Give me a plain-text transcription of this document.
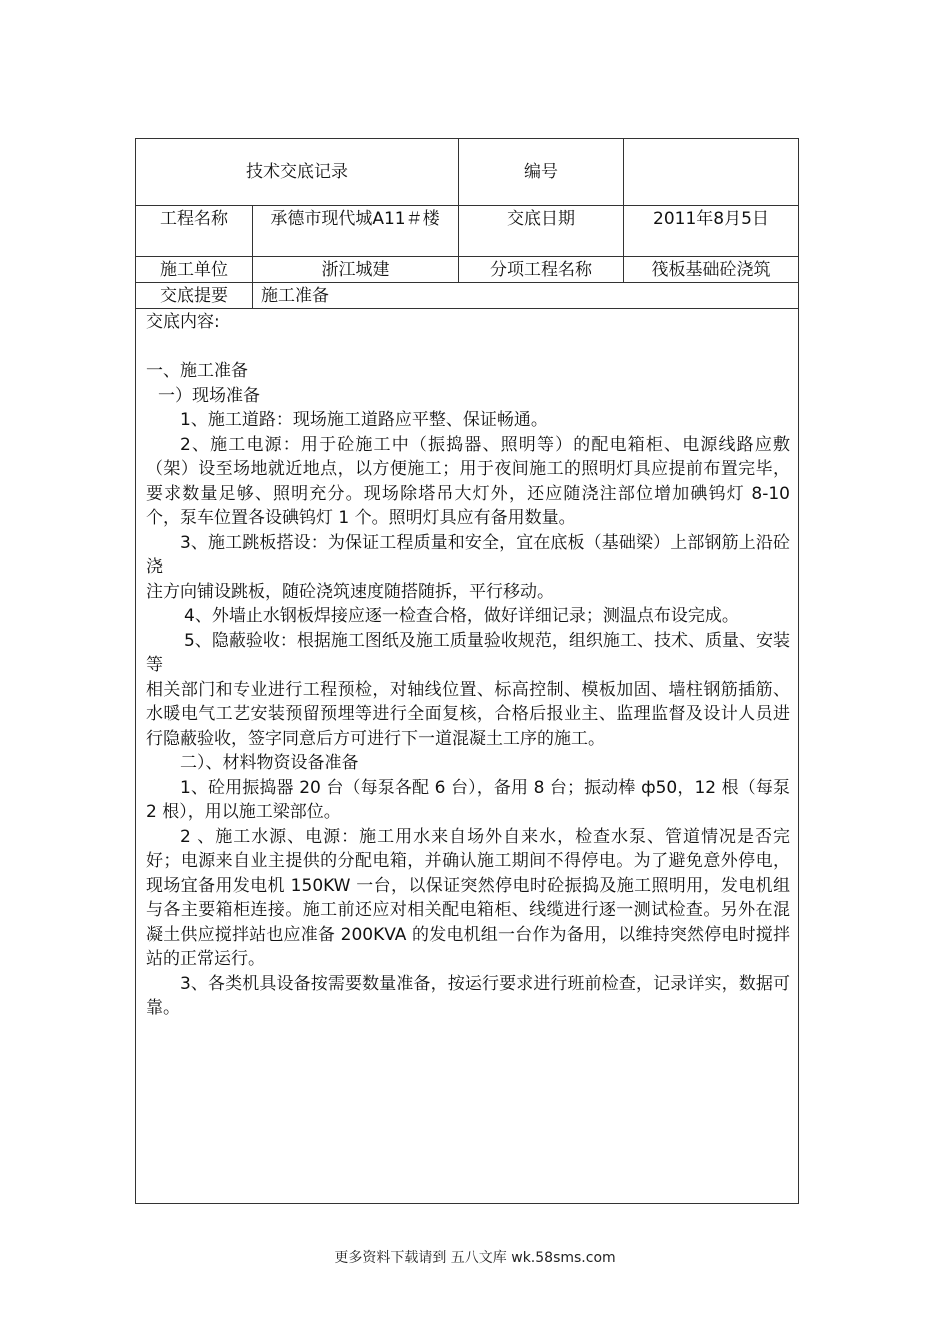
技术交底记录	编号
工程名称	承德市现代城A11＃楼	交底日期	2011年8月5日
施工单位	浙江城建	分项工程名称	筏板基础砼浇筑
交底提要	施工准备

交底内容:

一、施工准备

一）现场准备

1、施工道路：现场施工道路应平整、保证畅通。

2、施工电源：用于砼施工中（振捣器、照明等）的配电箱柜、电源线路应敷（架）设至场地就近地点，以方便施工；用于夜间施工的照明灯具应提前布置完毕，要求数量足够、照明充分。现场除塔吊大灯外，还应随浇注部位增加碘钨灯 8-10 个，泵车位置各设碘钨灯 1 个。照明灯具应有备用数量。

3、施工跳板搭设：为保证工程质量和安全，宜在底板（基础梁）上部钢筋上沿砼浇

注方向铺设跳板，随砼浇筑速度随搭随拆，平行移动。

4、外墙止水钢板焊接应逐一检查合格，做好详细记录；测温点布设完成。

5、隐蔽验收：根据施工图纸及施工质量验收规范，组织施工、技术、质量、安装等

相关部门和专业进行工程预检，对轴线位置、标高控制、模板加固、墙柱钢筋插筋、水暖电气工艺安装预留预埋等进行全面复核，合格后报业主、监理监督及设计人员进行隐蔽验收，签字同意后方可进行下一道混凝土工序的施工。

二）、材料物资设备准备

1、砼用振捣器 20 台（每泵各配 6 台），备用 8 台；振动棒 ф50，12 根（每泵 2 根），用以施工梁部位。

2 、施工水源、电源：施工用水来自场外自来水，检查水泵、管道情况是否完好；电源来自业主提供的分配电箱，并确认施工期间不得停电。为了避免意外停电，现场宜备用发电机 150KW 一台，以保证突然停电时砼振捣及施工照明用，发电机组与各主要箱柜连接。施工前还应对相关配电箱柜、线缆进行逐一测试检查。另外在混凝土供应搅拌站也应准备 200KVA 的发电机组一台作为备用，以维持突然停电时搅拌站的正常运行。

3、各类机具设备按需要数量准备，按运行要求进行班前检查，记录详实，数据可靠。

更多资料下载请到 五八文库 wk.58sms.com
